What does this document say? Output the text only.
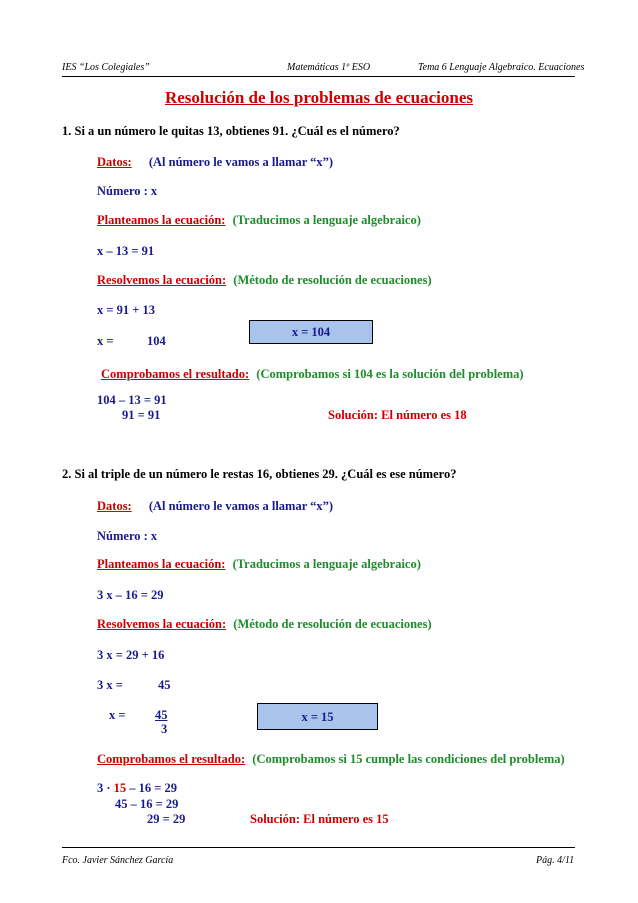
IES “Los Colegiales”	Matemáticas 1º ESO	Tema 6 Lenguaje Algebraico. Ecuaciones
Resolución de los problemas de ecuaciones
1. Si a un número le quitas 13, obtienes 91. ¿Cuál es el número?
Datos: (Al número le vamos a llamar “x”)
Número : x
Planteamos la ecuación: (Traducimos a lenguaje algebraico)
x – 13 = 91
Resolvemos la ecuación: (Método de resolución de ecuaciones)
x = 91 + 13
x =	104
x = 104
Comprobamos el resultado: (Comprobamos si 104 es la solución del problema)
104 – 13 = 91
91 = 91	Solución: El número es 18
2. Si al triple de un número le restas 16, obtienes 29. ¿Cuál es ese número?
Datos: (Al número le vamos a llamar “x”)
Número : x
Planteamos la ecuación: (Traducimos a lenguaje algebraico)
3 x – 16 = 29
Resolvemos la ecuación: (Método de resolución de ecuaciones)
3 x = 29 + 16
3 x =	45
x = 45
3
x = 15
Comprobamos el resultado: (Comprobamos si 15 cumple las condiciones del problema)
3 · 15 – 16 = 29
45 – 16 = 29
29 = 29	Solución: El número es 15
Fco. Javier Sánchez García	Pág. 4/11
